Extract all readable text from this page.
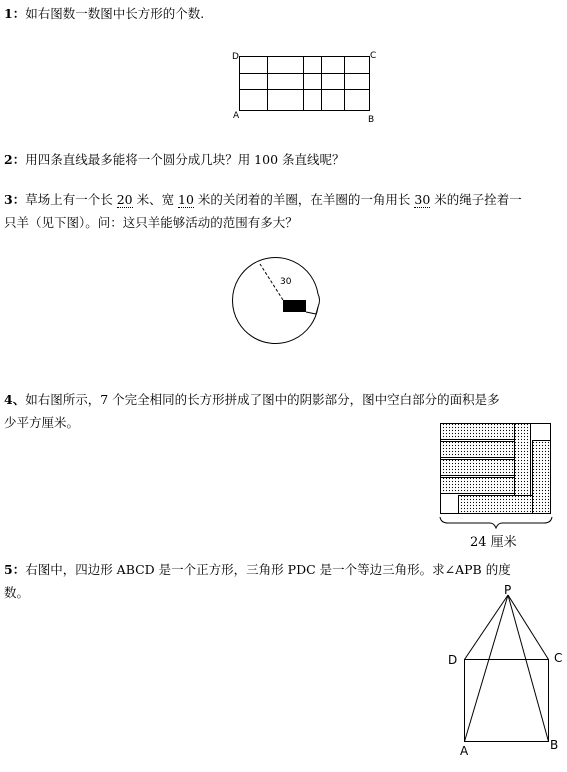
1：如右图数一数图中长方形的个数.

D	C
A	B

2：用四条直线最多能将一个圆分成几块？用 100 条直线呢？

3：草场上有一个长 20 米、宽 10 米的关闭着的羊圈，在羊圈的一角用长 30 米的绳子拴着一
只羊（见下图）。问：这只羊能够活动的范围有多大？

30

4、如右图所示，7 个完全相同的长方形拼成了图中的阴影部分，图中空白部分的面积是多
少平方厘米。

24 厘米

5：右图中，四边形 ABCD 是一个正方形，三角形 PDC 是一个等边三角形。求∠APB 的度
数。	P
D	C
A	B
